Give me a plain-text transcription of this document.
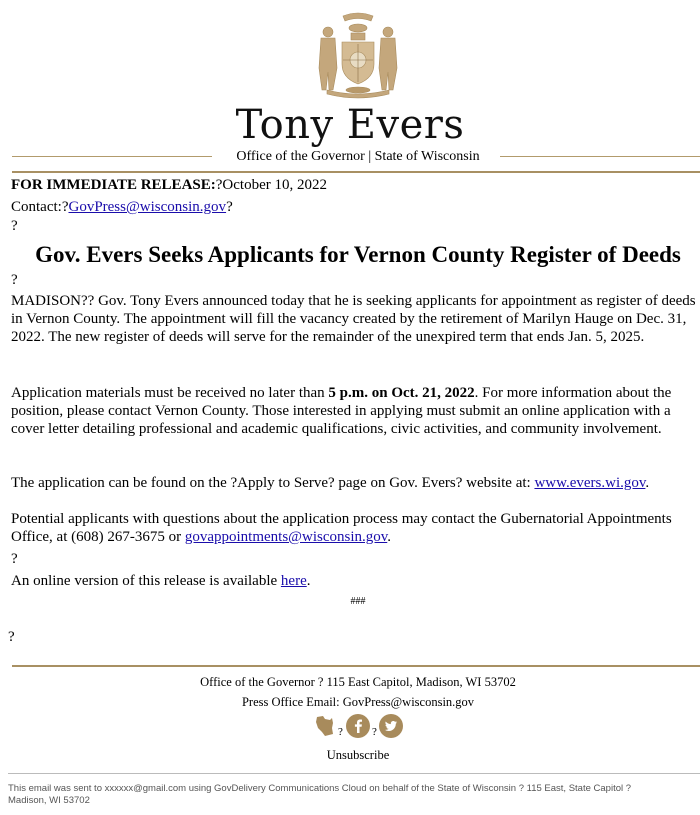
Tony Evers
Office of the Governor | State of Wisconsin
FOR IMMEDIATE RELEASE:?October 10, 2022
Contact:?GovPress@wisconsin.gov?
?
Gov. Evers Seeks Applicants for Vernon County Register of Deeds
?
MADISON?? Gov. Tony Evers announced today that he is seeking applicants for appointment as register of deeds in Vernon County. The appointment will fill the vacancy created by the retirement of Marilyn Hauge on Dec. 31, 2022. The new register of deeds will serve for the remainder of the unexpired term that ends Jan. 5, 2025.
Application materials must be received no later than 5 p.m. on Oct. 21, 2022. For more information about the position, please contact Vernon County. Those interested in applying must submit an online application with a cover letter detailing professional and academic qualifications, civic activities, and community involvement.
The application can be found on the ?Apply to Serve? page on Gov. Evers? website at: www.evers.wi.gov.
Potential applicants with questions about the application process may contact the Gubernatorial Appointments Office, at (608) 267-3675 or govappointments@wisconsin.gov.
?
An online version of this release is available here.
###
?
Office of the Governor ? 115 East Capitol, Madison, WI 53702
Press Office Email: GovPress@wisconsin.gov
?	?
Unsubscribe
This email was sent to xxxxxx@gmail.com using GovDelivery Communications Cloud on behalf of the State of Wisconsin ? 115 East, State Capitol ? Madison, WI 53702
